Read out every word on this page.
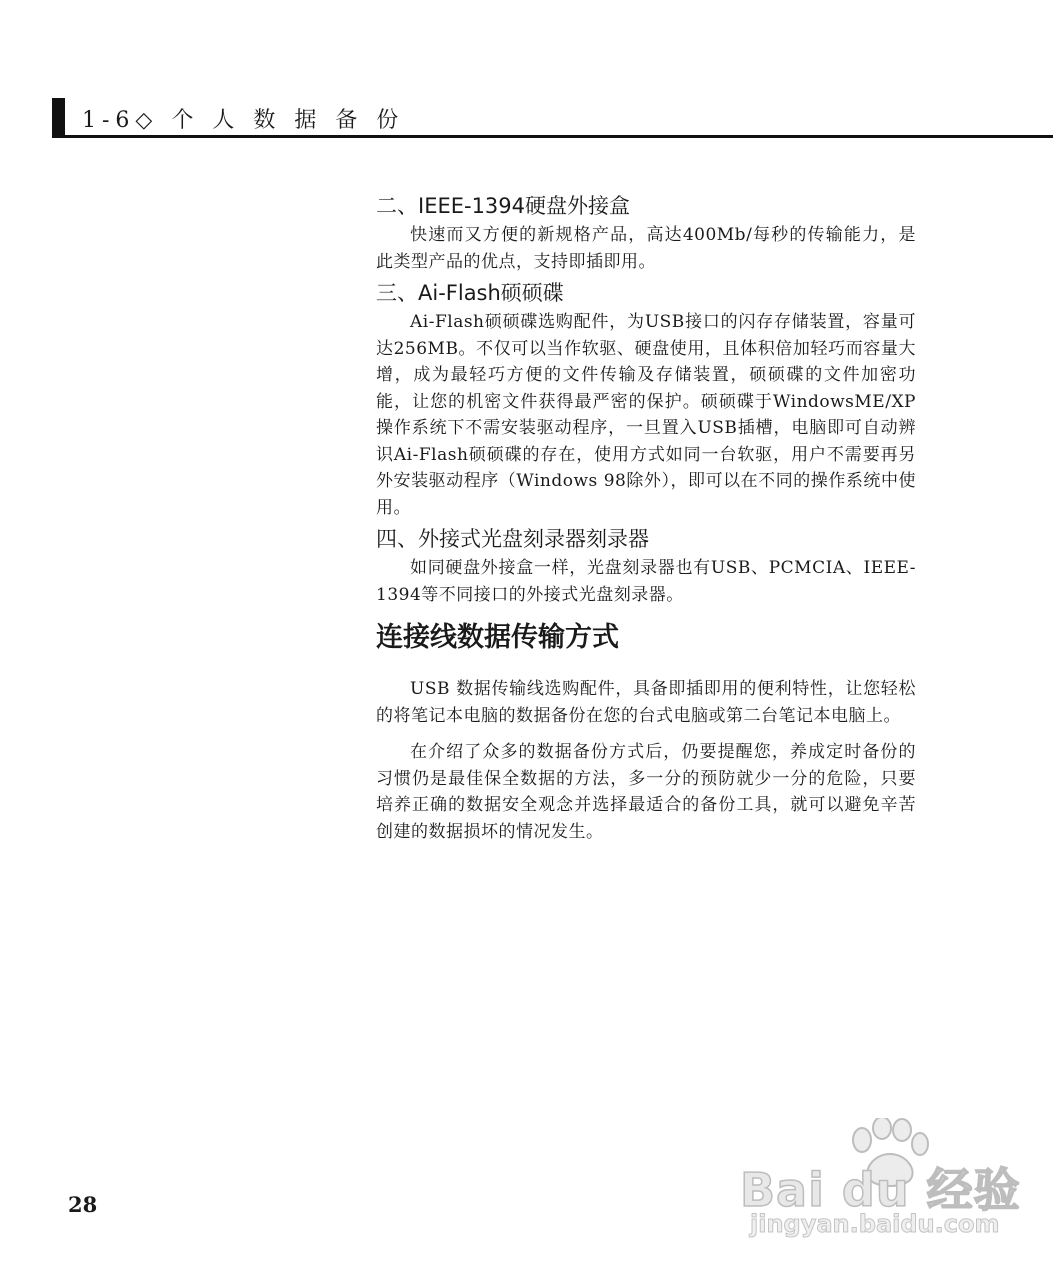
1-6◇ 个 人 数 据 备 份
二、IEEE-1394硬盘外接盒

快速而又方便的新规格产品，高达400Mb/每秒的传输能力，是此类型产品的优点，支持即插即用。

三、Ai-Flash硕硕碟

Ai-Flash硕硕碟选购配件，为USB接口的闪存存储装置，容量可达256MB。不仅可以当作软驱、硬盘使用，且体积倍加轻巧而容量大增，成为最轻巧方便的文件传输及存储装置，硕硕碟的文件加密功能，让您的机密文件获得最严密的保护。硕硕碟于WindowsME/XP操作系统下不需安装驱动程序，一旦置入USB插槽，电脑即可自动辨识Ai-Flash硕硕碟的存在，使用方式如同一台软驱，用户不需要再另外安装驱动程序（Windows 98除外），即可以在不同的操作系统中使用。

四、外接式光盘刻录器刻录器

如同硬盘外接盒一样，光盘刻录器也有USB、PCMCIA、IEEE-1394等不同接口的外接式光盘刻录器。

连接线数据传输方式

USB 数据传输线选购配件，具备即插即用的便利特性，让您轻松的将笔记本电脑的数据备份在您的台式电脑或第二台笔记本电脑上。

在介绍了众多的数据备份方式后，仍要提醒您，养成定时备份的习惯仍是最佳保全数据的方法，多一分的预防就少一分的危险，只要培养正确的数据安全观念并选择最适合的备份工具，就可以避免辛苦创建的数据损坏的情况发生。

28	Bai du 经验
jingyan.baidu.com
